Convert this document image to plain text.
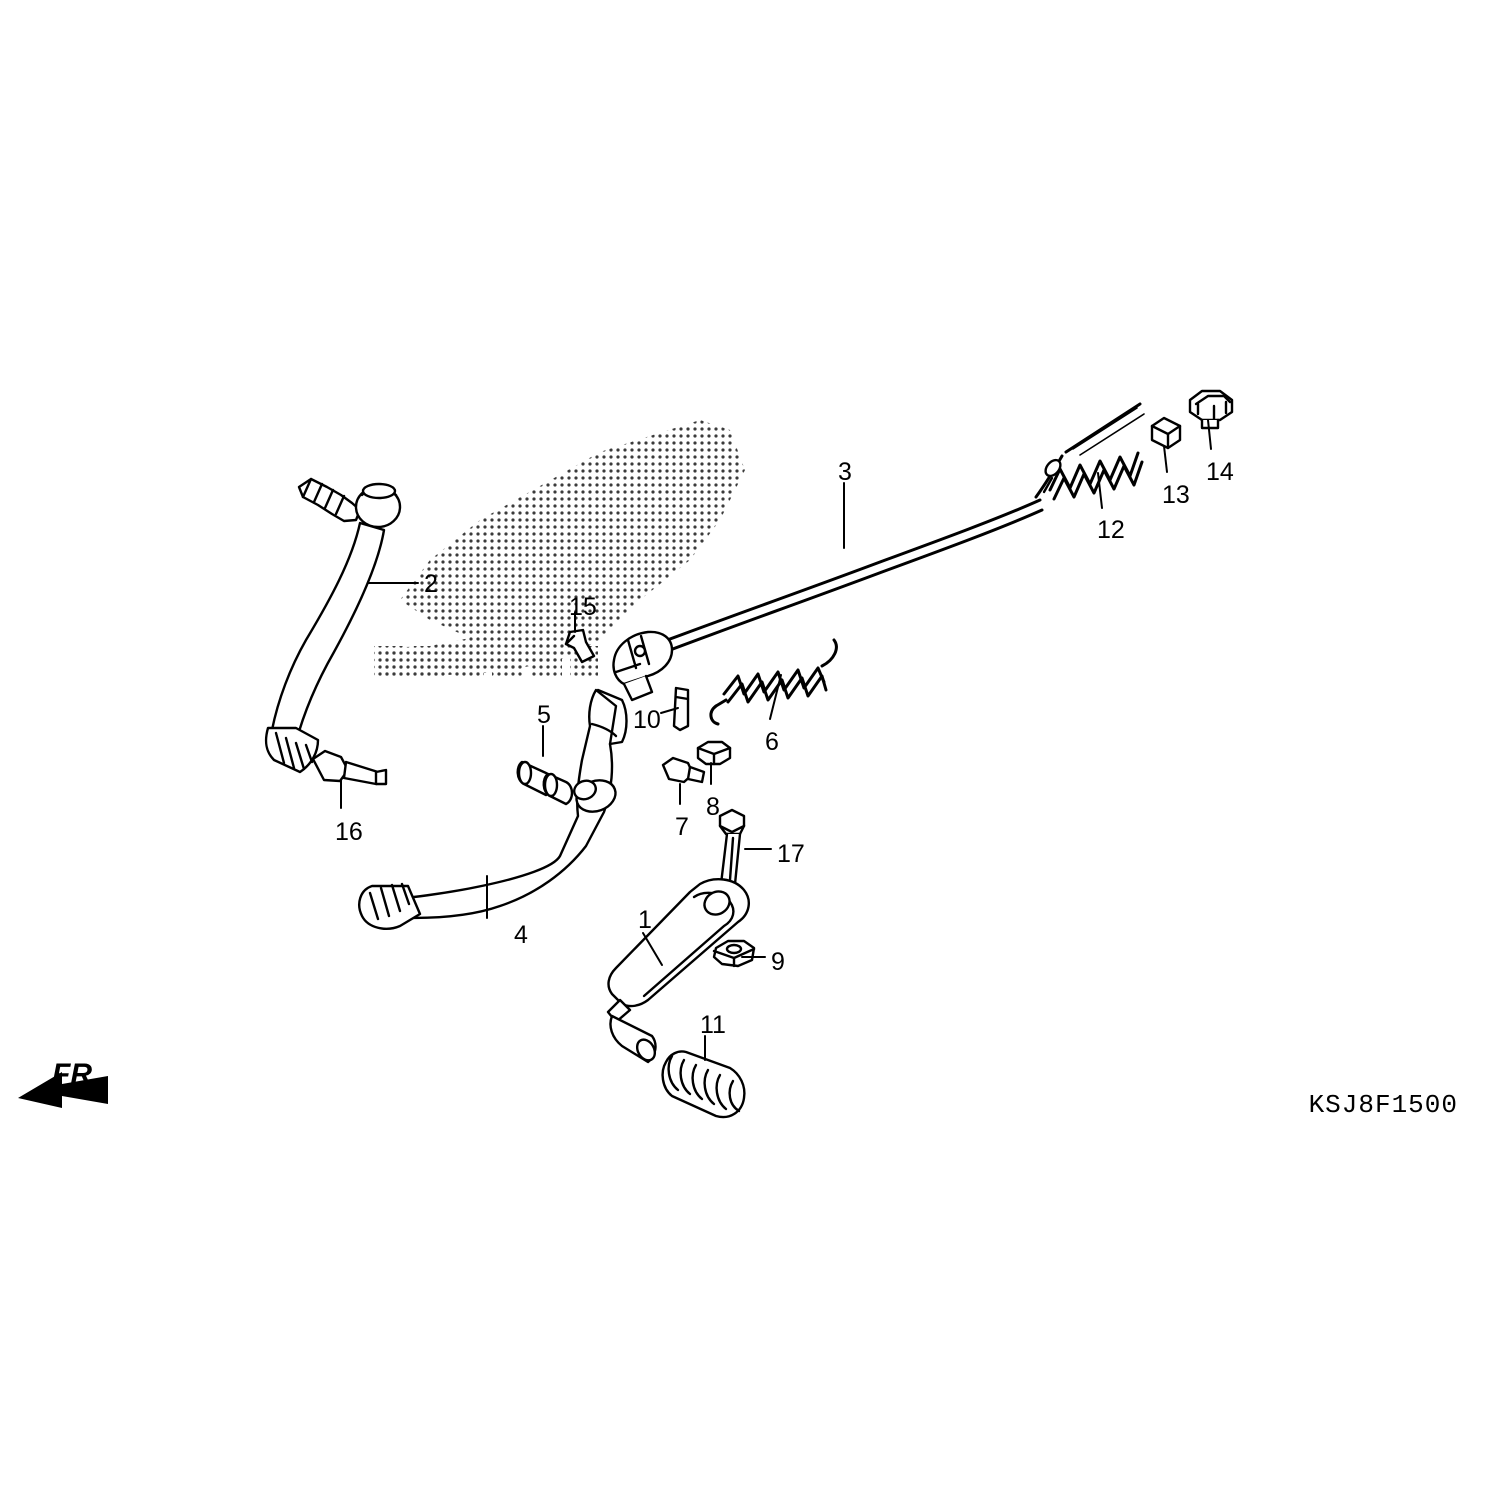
FR.
KSJ8F1500
1
2
3
4
5
6
7
8
9
10
11
12
13
14
15
16
17
